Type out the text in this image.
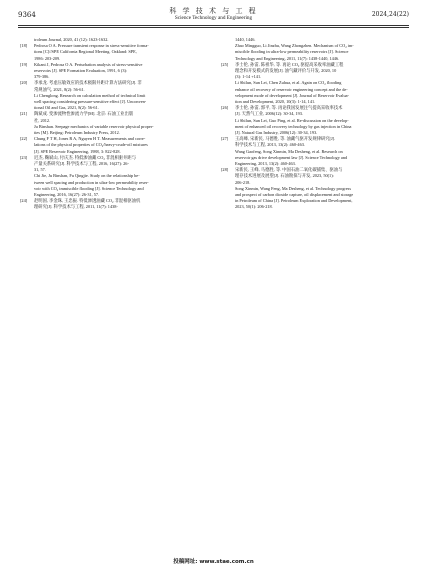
9364	科 学 技 术 与 工 程
Science Technology and Engineering	2024,24(22)
troleum Journal, 2020, 41 (12): 1623-1632.
[18]	Pedrosa O A. Pressure transient response in stress-sensitive forma-
tions [C]//SPE California Regional Meeting. Oakland: SPE,
1986: 203-209.
[19]	Kikani J, Pedrosa O A. Perturbation analysis of stress-sensitive
reservoirs [J]. SPE Formation Evaluation, 1991, 6 (3):
379-386.
[20]	李承龙. 考虑压敏效应的技术极限井距计算方法研究[J]. 非
常规油气, 2021, 8(2): 56-61.
Li Chenglong. Research on calculation method of technical limit
well spacing considering pressure-sensitive effect [J]. Unconven-
tional Oil and Gas, 2021, 8(2): 56-61.
[21]	陶斌成. 变渗流物性渗流力学[M]. 北京: 石油工业出版
社, 2012.
Ju Binshan. Seepage mechanics of variable reservoir physical proper-
ties [M]. Beijing: Petroleum Industry Press, 2012.
[22]	Chung F T H, Jones R A, Nguyen H T. Measurements and corre-
lations of the physical properties of CO₂/heavy-crude-oil mixtures
[J]. SPE Reservoir Engineering, 1988, 3: 822-828.
[23]	迟杰, 鞠斌山, 付庆杰. 特低渗油藏 CO₂ 非混相驱井距与
产量关系研究[J]. 科学技术与工程, 2016, 16(27): 26-
31, 57.
Chi Jie, Ju Binshan, Fu Qingjie. Study on the relationship be-
tween well spacing and production in ultra-low permeability reser-
voir with CO₂ immiscible flooding [J]. Science Technology and
Engineering, 2016, 16(27): 26-31, 57.
[24]	赵明国, 李金珠, 王忠振. 特低渗透油藏 CO₂ 非混相驱油机
理研究[J]. 科学技术与工程, 2011, 11(7): 1438-
1440, 1446.
Zhao Mingguo, Li Jinzhu, Wang Zhongzhen. Mechanism of CO₂ im-
miscible flooding in ultra-low permeability reservoirs [J]. Science
Technology and Engineering, 2011, 11(7): 1438-1440, 1446.
[25]	李士伦, 孙雷, 陈祖华, 等. 再论 CO₂ 驱提高采收率油藏工程
理念和开发模式的发展[J]. 油气藏评价与开发, 2020, 10
(3): 1-14 +141.
Li Shilun, Sun Lei, Chen Zuhua, et al. Again on CO₂ flooding
enhance oil recovery of reservoir engineering concept and the de-
velopment mode of development [J]. Journal of Reservoir Evalua-
tion and Development, 2020, 10(3): 1-14, 141.
[26]	李士伦, 孙雷, 郭平, 等. 再论我国发展注气提高采收率技术
[J]. 天然气工业, 2006(12): 30-34, 193.
Li Shilun, Sun Lei, Guo Ping, et al. Re-discussion on the develop-
ment of enhanced oil recovery technology by gas injection in China
[J]. Natural Gas Industry, 2006(12): 30-34, 193.
[27]	王高峰, 宋新民, 马德胜, 等. 油藏气驱开发规律研究[J].
科学技术与工程, 2013, 13(2): 460-463.
Wang Gaofeng, Song Xinmin, Ma Desheng, et al. Research on
reservoir gas drive development law [J]. Science Technology and
Engineering, 2013, 13(2): 460-463.
[28]	宋新民, 王峰, 马德胜, 等. 中国石油二氧化碳捕集、驱油与
埋存技术进展及展望[J]. 石油勘探与开发, 2023, 50(1):
206-218.
Song Xinmin, Wang Feng, Ma Desheng, et al. Technology progress
and prospect of carbon dioxide capture, oil displacement and storage
in Petroleum of China [J]. Petroleum Exploration and Development,
2023, 50(1): 206-218.
投稿网址: www.stae.com.cn
